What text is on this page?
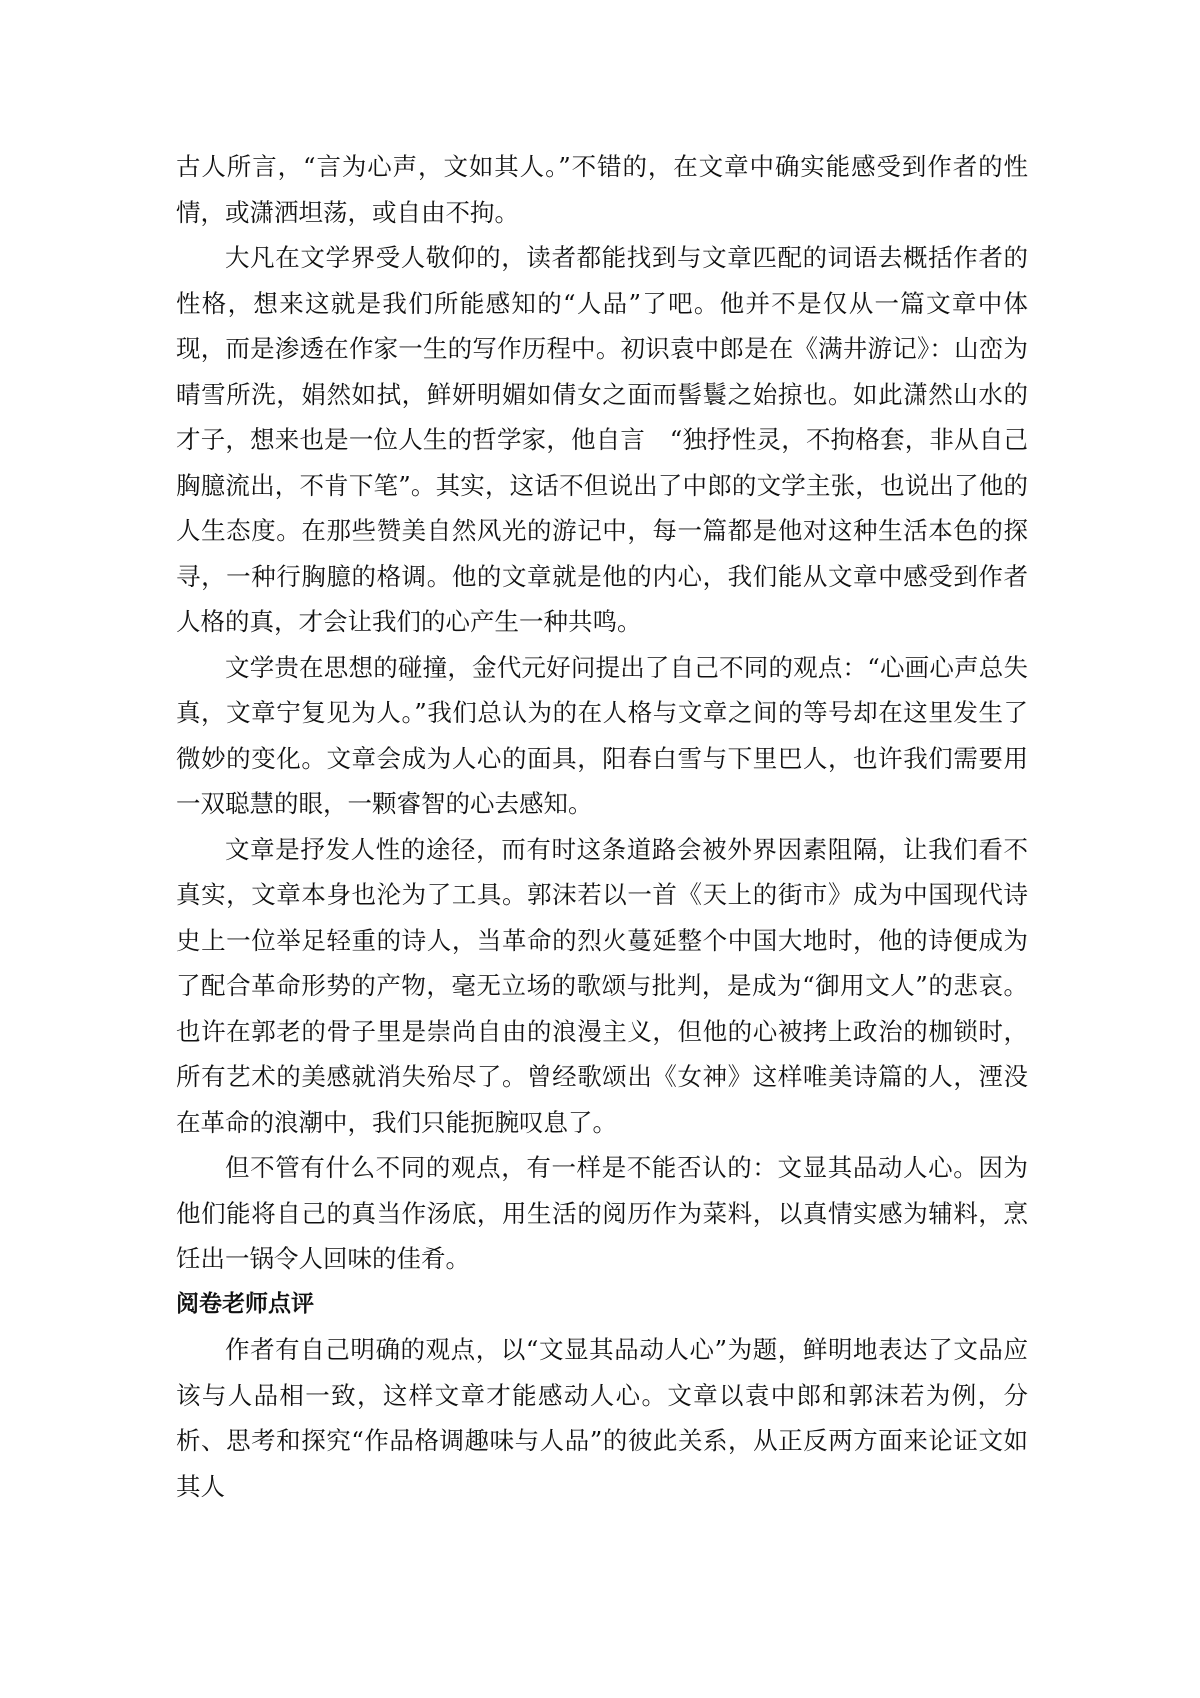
古人所言，“言为心声，文如其人。”不错的，在文章中确实能感受到作者的性情，或潇洒坦荡，或自由不拘。

大凡在文学界受人敬仰的，读者都能找到与文章匹配的词语去概括作者的性格，想来这就是我们所能感知的“人品”了吧。他并不是仅从一篇文章中体现，而是渗透在作家一生的写作历程中。初识袁中郎是在《满井游记》：山峦为晴雪所洗，娟然如拭，鲜妍明媚如倩女之面而髻鬟之始掠也。如此潇然山水的才子，想来也是一位人生的哲学家，他自言　“独抒性灵，不拘格套，非从自己胸臆流出，不肯下笔”。其实，这话不但说出了中郎的文学主张，也说出了他的人生态度。在那些赞美自然风光的游记中，每一篇都是他对这种生活本色的探寻，一种行胸臆的格调。他的文章就是他的内心，我们能从文章中感受到作者人格的真，才会让我们的心产生一种共鸣。

文学贵在思想的碰撞，金代元好问提出了自己不同的观点：“心画心声总失真，文章宁复见为人。”我们总认为的在人格与文章之间的等号却在这里发生了微妙的变化。文章会成为人心的面具，阳春白雪与下里巴人，也许我们需要用一双聪慧的眼，一颗睿智的心去感知。

文章是抒发人性的途径，而有时这条道路会被外界因素阻隔，让我们看不真实，文章本身也沦为了工具。郭沫若以一首《天上的街市》成为中国现代诗史上一位举足轻重的诗人，当革命的烈火蔓延整个中国大地时，他的诗便成为了配合革命形势的产物，毫无立场的歌颂与批判，是成为“御用文人”的悲哀。也许在郭老的骨子里是崇尚自由的浪漫主义，但他的心被拷上政治的枷锁时，所有艺术的美感就消失殆尽了。曾经歌颂出《女神》这样唯美诗篇的人，湮没在革命的浪潮中，我们只能扼腕叹息了。

但不管有什么不同的观点，有一样是不能否认的：文显其品动人心。因为他们能将自己的真当作汤底，用生活的阅历作为菜料，以真情实感为辅料，烹饪出一锅令人回味的佳肴。

阅卷老师点评

作者有自己明确的观点，以“文显其品动人心”为题，鲜明地表达了文品应该与人品相一致，这样文章才能感动人心。文章以袁中郎和郭沫若为例，分析、思考和探究“作品格调趣味与人品”的彼此关系，从正反两方面来论证文如其人
